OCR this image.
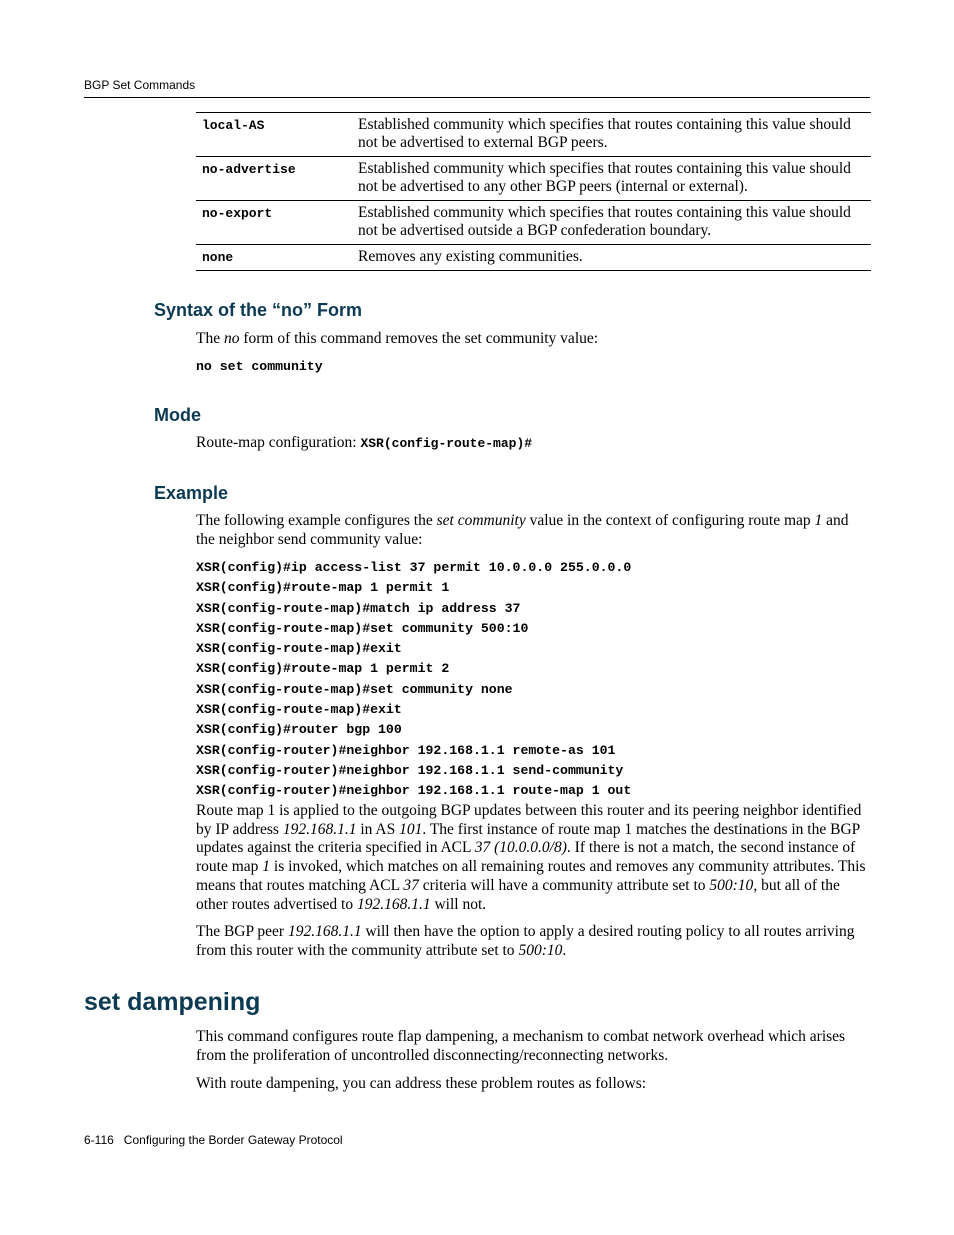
BGP Set Commands
local-AS	Established community which specifies that routes containing this value should not be advertised to external BGP peers.
no-advertise	Established community which specifies that routes containing this value should not be advertised to any other BGP peers (internal or external).
no-export	Established community which specifies that routes containing this value should not be advertised outside a BGP confederation boundary.
none	Removes any existing communities.
Syntax of the “no” Form
The no form of this command removes the set community value:
no set community
Mode
Route-map configuration: XSR(config-route-map)#
Example
The following example configures the set community value in the context of configuring route map 1 and the neighbor send community value:
XSR(config)#ip access-list 37 permit 10.0.0.0 255.0.0.0
XSR(config)#route-map 1 permit 1
XSR(config-route-map)#match ip address 37
XSR(config-route-map)#set community 500:10
XSR(config-route-map)#exit
XSR(config)#route-map 1 permit 2
XSR(config-route-map)#set community none
XSR(config-route-map)#exit
XSR(config)#router bgp 100
XSR(config-router)#neighbor 192.168.1.1 remote-as 101
XSR(config-router)#neighbor 192.168.1.1 send-community
XSR(config-router)#neighbor 192.168.1.1 route-map 1 out
Route map 1 is applied to the outgoing BGP updates between this router and its peering neighbor identified by IP address 192.168.1.1 in AS 101. The first instance of route map 1 matches the destinations in the BGP updates against the criteria specified in ACL 37 (10.0.0.0/8). If there is not a match, the second instance of route map 1 is invoked, which matches on all remaining routes and removes any community attributes. This means that routes matching ACL 37 criteria will have a community attribute set to 500:10, but all of the other routes advertised to 192.168.1.1 will not.
The BGP peer 192.168.1.1 will then have the option to apply a desired routing policy to all routes arriving from this router with the community attribute set to 500:10.
set dampening
This command configures route flap dampening, a mechanism to combat network overhead which arises from the proliferation of uncontrolled disconnecting/reconnecting networks.
With route dampening, you can address these problem routes as follows:
6-116   Configuring the Border Gateway Protocol
